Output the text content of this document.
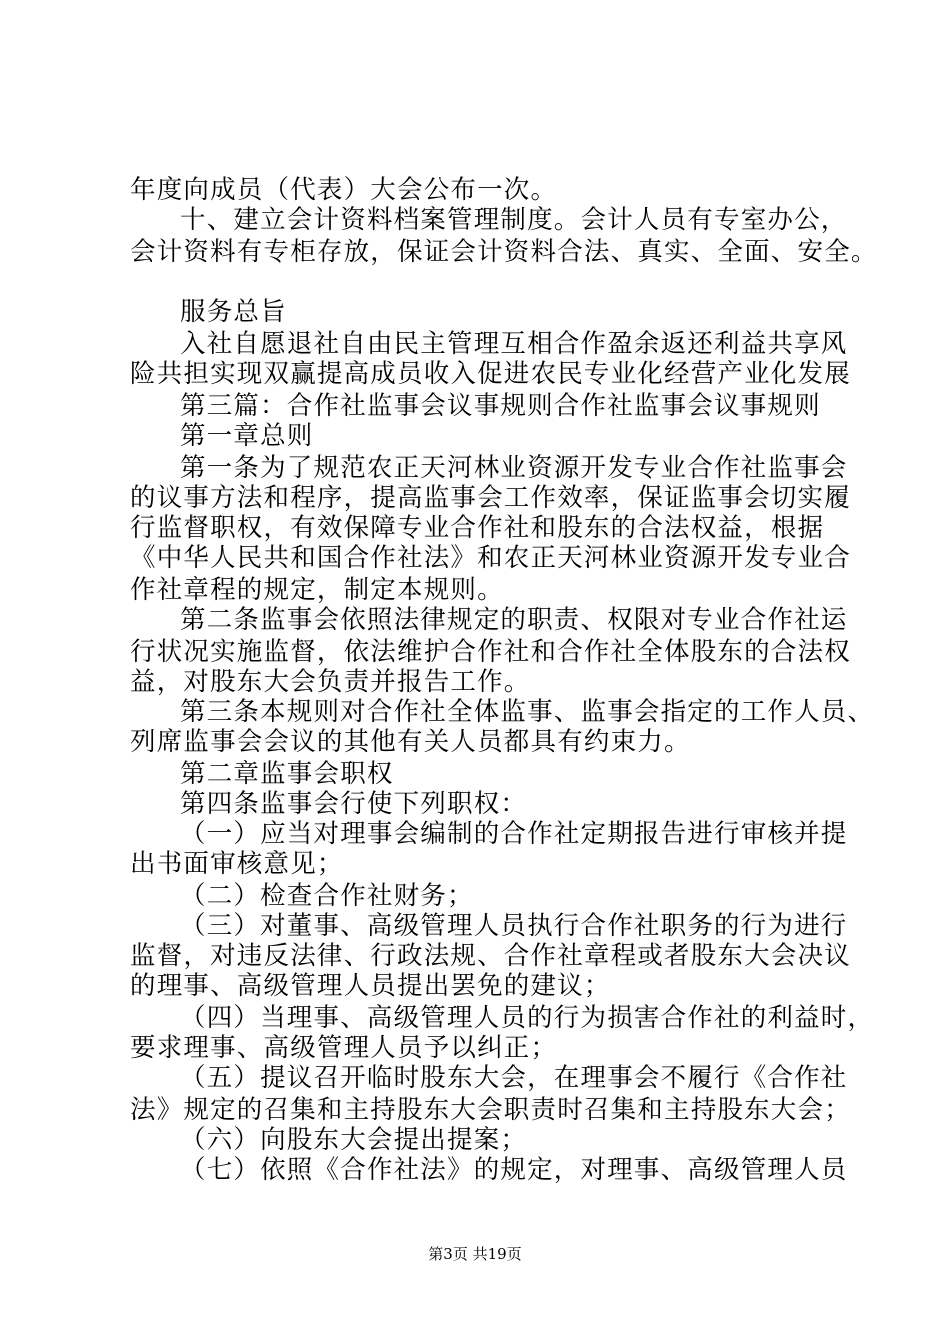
年度向成员（代表）大会公布一次。
十、建立会计资料档案管理制度。会计人员有专室办公，
会计资料有专柜存放，保证会计资料合法、真实、全面、安全。
服务总旨
入社自愿退社自由民主管理互相合作盈余返还利益共享风
险共担实现双赢提高成员收入促进农民专业化经营产业化发展
第三篇：合作社监事会议事规则合作社监事会议事规则
第一章总则
第一条为了规范农正天河林业资源开发专业合作社监事会
的议事方法和程序，提高监事会工作效率，保证监事会切实履
行监督职权，有效保障专业合作社和股东的合法权益，根据
《中华人民共和国合作社法》和农正天河林业资源开发专业合
作社章程的规定，制定本规则。
第二条监事会依照法律规定的职责、权限对专业合作社运
行状况实施监督，依法维护合作社和合作社全体股东的合法权
益，对股东大会负责并报告工作。
第三条本规则对合作社全体监事、监事会指定的工作人员、
列席监事会会议的其他有关人员都具有约束力。
第二章监事会职权
第四条监事会行使下列职权：
（一）应当对理事会编制的合作社定期报告进行审核并提
出书面审核意见；
（二）检查合作社财务；
（三）对董事、高级管理人员执行合作社职务的行为进行
监督，对违反法律、行政法规、合作社章程或者股东大会决议
的理事、高级管理人员提出罢免的建议；
（四）当理事、高级管理人员的行为损害合作社的利益时，
要求理事、高级管理人员予以纠正；
（五）提议召开临时股东大会，在理事会不履行《合作社
法》规定的召集和主持股东大会职责时召集和主持股东大会；
（六）向股东大会提出提案；
（七）依照《合作社法》的规定，对理事、高级管理人员
第3页 共19页
